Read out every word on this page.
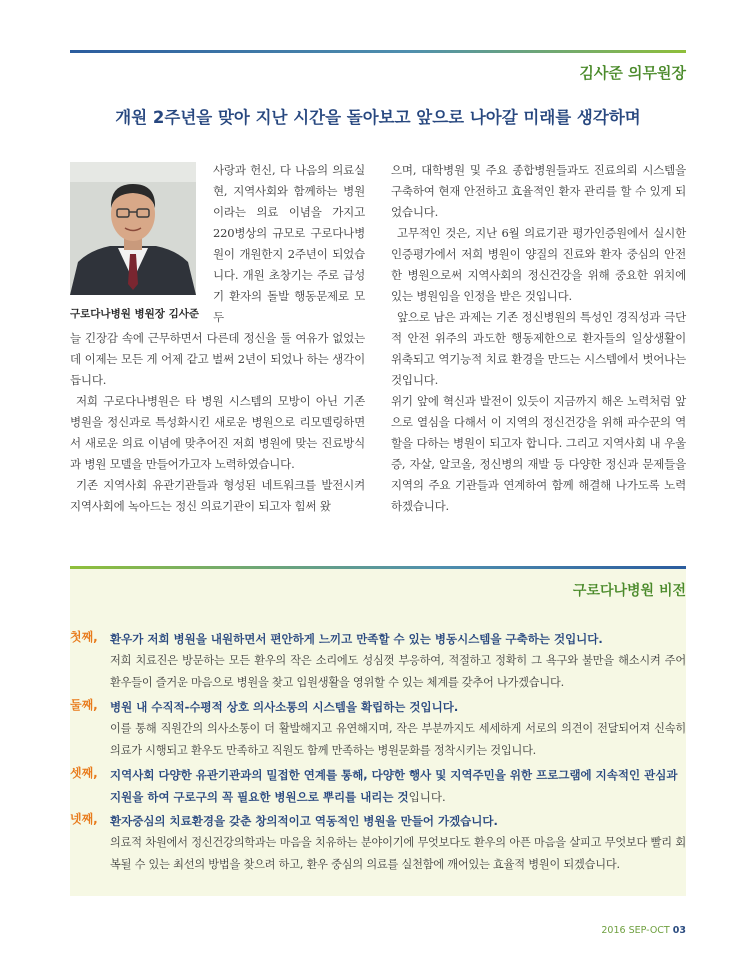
김사준 의무원장
개원 2주년을 맞아 지난 시간을 돌아보고 앞으로 나아갈 미래를 생각하며
구로다나병원 병원장 김사준

사랑과 헌신, 다 나음의 의료실현, 지역사회와 함께하는 병원이라는 의료 이념을 가지고 220병상의 규모로 구로다나병원이 개원한지 2주년이 되었습니다. 개원 초창기는 주로 급성기 환자의 돌발 행동문제로 모두

늘 긴장감 속에 근무하면서 다른데 정신을 둘 여유가 없었는데 이제는 모든 게 어제 같고 벌써 2년이 되었나 하는 생각이 듭니다.

저희 구로다나병원은 타 병원 시스템의 모방이 아닌 기존 병원을 정신과로 특성화시킨 새로운 병원으로 리모델링하면서 새로운 의료 이념에 맞추어진 저희 병원에 맞는 진료방식과 병원 모델을 만들어가고자 노력하였습니다.

기존 지역사회 유관기관들과 형성된 네트워크를 발전시켜 지역사회에 녹아드는 정신 의료기관이 되고자 힘써 왔

으며, 대학병원 및 주요 종합병원들과도 진료의뢰 시스템을 구축하여 현재 안전하고 효율적인 환자 관리를 할 수 있게 되었습니다.

고무적인 것은, 지난 6월 의료기관 평가인증원에서 실시한 인증평가에서 저희 병원이 양질의 진료와 환자 중심의 안전한 병원으로써 지역사회의 정신건강을 위해 중요한 위치에 있는 병원임을 인정을 받은 것입니다.

앞으로 남은 과제는 기존 정신병원의 특성인 경직성과 극단적 안전 위주의 과도한 행동제한으로 환자들의 일상생활이 위축되고 역기능적 치료 환경을 만드는 시스템에서 벗어나는 것입니다.

위기 앞에 혁신과 발전이 있듯이 지금까지 해온 노력처럼 앞으로 열심을 다해서 이 지역의 정신건강을 위해 파수꾼의 역할을 다하는 병원이 되고자 합니다. 그리고 지역사회 내 우울증, 자살, 알코올, 정신병의 재발 등 다양한 정신과 문제들을 지역의 주요 기관들과 연계하여 함께 해결해 나가도록 노력하겠습니다.

구로다나병원 비전
첫째, 환우가 저희 병원을 내원하면서 편안하게 느끼고 만족할 수 있는 병동시스템을 구축하는 것입니다.
저희 치료진은 방문하는 모든 환우의 작은 소리에도 성심껏 부응하여, 적절하고 정확히 그 욕구와 불만을 해소시켜 주어 환우들이 즐거운 마음으로 병원을 찾고 입원생활을 영위할 수 있는 체계를 갖추어 나가겠습니다.
둘째, 병원 내 수직적-수평적 상호 의사소통의 시스템을 확립하는 것입니다.
이를 통해 직원간의 의사소통이 더 활발해지고 유연해지며, 작은 부분까지도 세세하게 서로의 의견이 전달되어져 신속히 의료가 시행되고 환우도 만족하고 직원도 함께 만족하는 병원문화를 정착시키는 것입니다.
셋째, 지역사회 다양한 유관기관과의 밀접한 연계를 통해, 다양한 행사 및 지역주민을 위한 프로그램에 지속적인 관심과 지원을 하여 구로구의 꼭 필요한 병원으로 뿌리를 내리는 것입니다.
넷째, 환자중심의 치료환경을 갖춘 창의적이고 역동적인 병원을 만들어 가겠습니다.
의료적 차원에서 정신건강의학과는 마음을 치유하는 분야이기에 무엇보다도 환우의 아픈 마음을 살피고 무엇보다 빨리 회복될 수 있는 최선의 방법을 찾으려 하고, 환우 중심의 의료를 실천함에 깨어있는 효율적 병원이 되겠습니다.
2016 SEP-OCT 03
